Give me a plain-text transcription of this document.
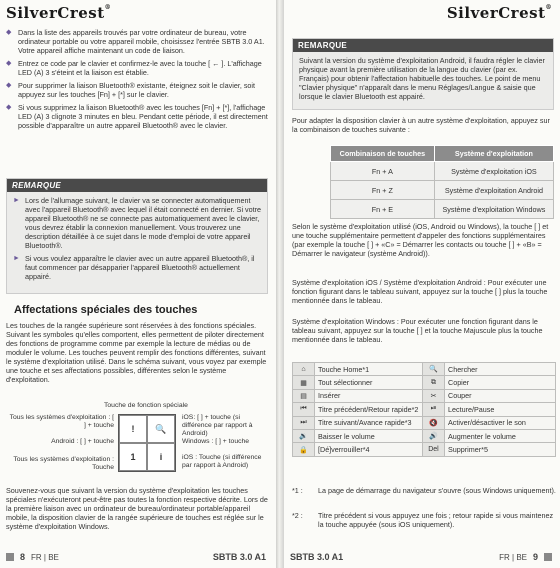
SilverCrest®
◆ Dans la liste des appareils trouvés par votre ordinateur de bureau, votre ordinateur portable ou votre appareil mobile, choisissez l'entrée SBTB 3.0 A1. Votre appareil affiche maintenant un code de liaison.
◆ Entrez ce code par le clavier et confirmez-le avec la touche [ ← ]. L'affichage LED (A) 3 s'éteint et la liaison est établie.
◆ Pour supprimer la liaison Bluetooth® existante, éteignez soit le clavier, soit appuyez sur les touches [Fn] + [*] sur le clavier.
◆ Si vous supprimez la liaison Bluetooth® avec les touches [Fn] + [*], l'affichage LED (A) 3 clignote 3 minutes en bleu. Pendant cette période, il est directement possible d'apparaître un autre appareil Bluetooth® avec le clavier.
REMARQUE
► Lors de l'allumage suivant, le clavier va se connecter automatiquement avec l'appareil Bluetooth® avec lequel il était connecté en dernier. Si votre appareil Bluetooth® ne se connecte pas automatiquement avec le clavier, vous devrez établir la connexion manuellement. Vous trouverez une description détaillée à ce sujet dans le mode d'emploi de votre appareil Bluetooth®.
► Si vous voulez apparaître le clavier avec un autre appareil Bluetooth®, il faut commencer par désapparier l'appareil Bluetooth® actuellement appairé.
Affectations spéciales des touches
Les touches de la rangée supérieure sont réservées à des fonctions spéciales. Suivant les symboles qu'elles comportent, elles permettent de piloter directement des fonctions de programme comme par exemple la lecture de médias ou de moduler le volume. Les touches peuvent remplir des fonctions différentes, suivant le système d'exploitation utilisé. Dans le schéma suivant, vous voyez par exemple une touche et ses affectations possibles, différentes selon le système d'exploitation.
Touche de fonction spéciale
Tous les systèmes d'exploitation : [ ] + touche
Android : [ ] + touche
Tous les systèmes d'exploitation : Touche
!	🔍
1	i
iOS: [ ] + touche (si différence par rapport à Android)
Windows : [ ] + touche
iOS : Touche (si différence par rapport à Android)
Souvenez-vous que suivant la version du système d'exploitation les touches spéciales n'exécuteront peut-être pas toutes la fonction respective décrite. Lors de la première liaison avec un ordinateur de bureau/ordinateur portable/appareil mobile, la disposition clavier de la rangée supérieure de touches est réglée sur le système d'exploitation Windows.
8 FR | BE	SBTB 3.0 A1
SilverCrest®
REMARQUE
Suivant la version du système d'exploitation Android, il faudra régler le clavier physique avant la première utilisation de la langue du clavier (par ex. Français) pour obtenir l'affectation habituelle des touches. Le point de menu "Clavier physique" n'apparaît dans le menu Réglages/Langue & saisie que lorsque le clavier Bluetooth est appairé.
Pour adapter la disposition clavier à un autre système d'exploitation, appuyez sur la combinaison de touches suivante :
Combinaison de touches	Système d'exploitation
Fn + A	Système d'exploitation iOS
Fn + Z	Système d'exploitation Android
Fn + E	Système d'exploitation Windows
Selon le système d'exploitation utilisé (iOS, Android ou Windows), la touche [ ] et une touche supplémentaire permettent d'appeler des fonctions supplémentaires (par exemple la touche [ ] + «C» = Démarrer les contacts ou touche [ ] + «B» = Démarrer le navigateur (système Android)).
Système d'exploitation iOS / Système d'exploitation Android : Pour exécuter une fonction figurant dans le tableau suivant, appuyez sur la touche [ ] plus la touche mentionnée dans le tableau.
Système d'exploitation Windows : Pour exécuter une fonction figurant dans le tableau suivant, appuyez sur la touche [ ] et la touche Majuscule plus la touche mentionnée dans le tableau.
⌂	Touche Home*1	🔍	Chercher
▦	Tout sélectionner	⧉	Copier
▤	Insérer	✂	Couper
⏮	Titre précédent/Retour rapide*2	⏯	Lecture/Pause
⏭	Titre suivant/Avance rapide*3	🔇	Activer/désactiver le son
🔉	Baisser le volume	🔊	Augmenter le volume
🔒	[Dé]verrouiller*4	Del	Supprimer*5
*1 :	La page de démarrage du navigateur s'ouvre (sous Windows uniquement).
*2 :	Titre précédent si vous appuyez une fois ; retour rapide si vous maintenez la touche appuyée (sous iOS uniquement).
SBTB 3.0 A1	FR | BE 9
